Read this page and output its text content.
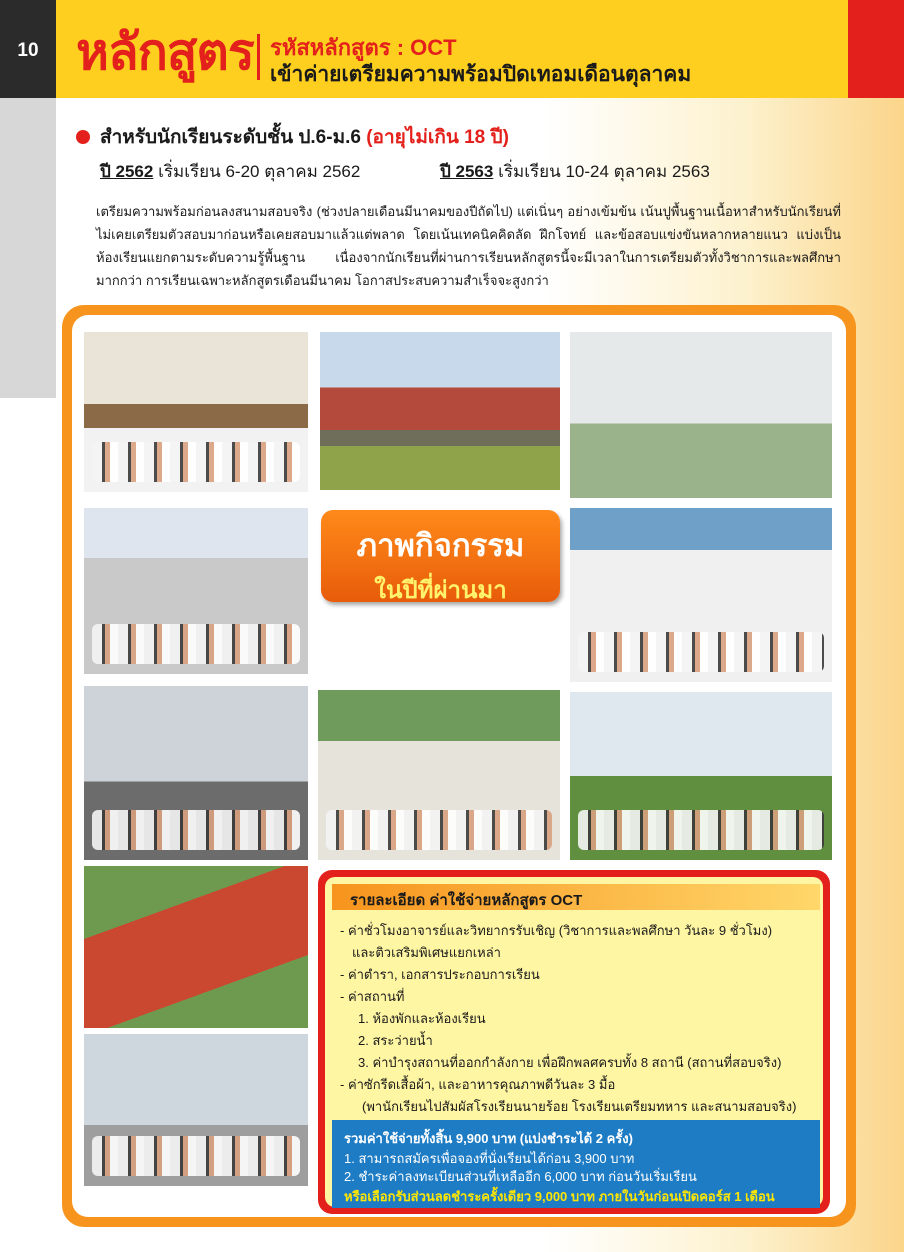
10 หลักสูตร รหัสหลักสูตร : OCT
เข้าค่ายเตรียมความพร้อมปิดเทอมเดือนตุลาคม
สำหรับนักเรียนระดับชั้น ป.6-ม.6 (อายุไม่เกิน 18 ปี)
ปี 2562 เริ่มเรียน 6-20 ตุลาคม 2562	ปี 2563 เริ่มเรียน 10-24 ตุลาคม 2563
เตรียมความพร้อมก่อนลงสนามสอบจริง (ช่วงปลายเดือนมีนาคมของปีถัดไป) แต่เนิ่นๆ อย่างเข้มข้น เน้นปูพื้นฐานเนื้อหาสำหรับนักเรียนที่ไม่เคยเตรียมตัวสอบมาก่อนหรือเคยสอบมาแล้วแต่พลาด โดยเน้นเทคนิคคิดลัด ฝึกโจทย์ และข้อสอบแข่งขันหลากหลายแนว แบ่งเป็นห้องเรียนแยกตามระดับความรู้พื้นฐาน เนื่องจากนักเรียนที่ผ่านการเรียนหลักสูตรนี้จะมีเวลาในการเตรียมตัวทั้งวิชาการและพลศึกษามากกว่า การเรียนเฉพาะหลักสูตรเดือนมีนาคม โอกาสประสบความสำเร็จจะสูงกว่า
ภาพกิจกรรม
ในปีที่ผ่านมา
รายละเอียด ค่าใช้จ่ายหลักสูตร OCT
- ค่าชั่วโมงอาจารย์และวิทยากรรับเชิญ (วิชาการและพลศึกษา วันละ 9 ชั่วโมง)
และติวเสริมพิเศษแยกเหล่า
- ค่าตำรา, เอกสารประกอบการเรียน
- ค่าสถานที่
1. ห้องพักและห้องเรียน
2. สระว่ายน้ำ
3. ค่าบำรุงสถานที่ออกกำลังกาย เพื่อฝึกพลศครบทั้ง 8 สถานี (สถานที่สอบจริง)
- ค่าซักรีดเสื้อผ้า, และอาหารคุณภาพดีวันละ 3 มื้อ
(พานักเรียนไปสัมผัสโรงเรียนนายร้อย โรงเรียนเตรียมทหาร และสนามสอบจริง)
รวมค่าใช้จ่ายทั้งสิ้น 9,900 บาท (แบ่งชำระได้ 2 ครั้ง)
1. สามารถสมัครเพื่อจองที่นั่งเรียนได้ก่อน 3,900 บาท
2. ชำระค่าลงทะเบียนส่วนที่เหลืออีก 6,000 บาท ก่อนวันเริ่มเรียน
หรือเลือกรับส่วนลดชำระครั้งเดียว 9,000 บาท ภายในวันก่อนเปิดคอร์ส 1 เดือน
